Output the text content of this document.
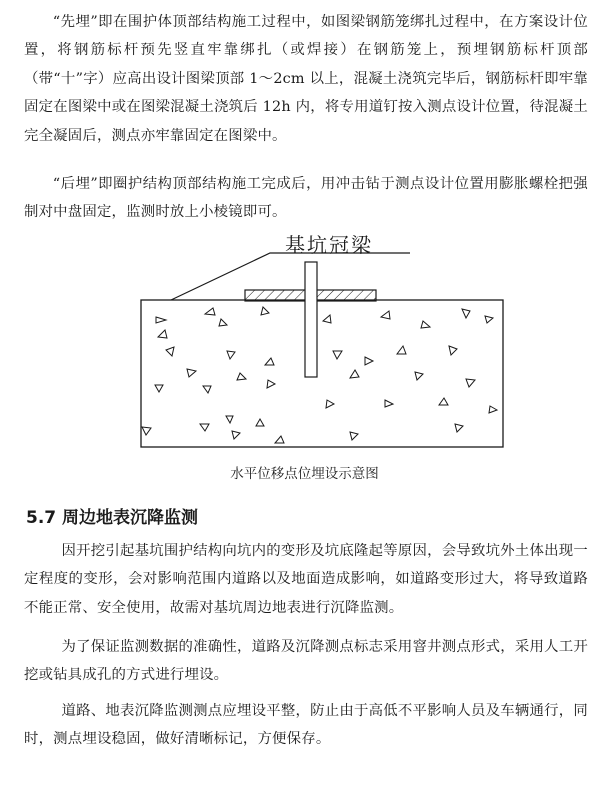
“先埋”即在围护体顶部结构施工过程中，如图梁钢筋笼绑扎过程中，在方案设计位置，将钢筋标杆预先竖直牢靠绑扎（或焊接）在钢筋笼上，预埋钢筋标杆顶部（带“十”字）应高出设计图梁顶部 1～2cm 以上，混凝土浇筑完毕后，钢筋标杆即牢靠固定在图梁中或在图梁混凝土浇筑后 12h 内，将专用道钉按入测点设计位置，待混凝土完全凝固后，测点亦牢靠固定在图梁中。

“后埋”即圈护结构顶部结构施工完成后，用冲击钻于测点设计位置用膨胀螺栓把强制对中盘固定，监测时放上小棱镜即可。

基坑冠梁
水平位移点位埋设示意图
5.7 周边地表沉降监测

因开挖引起基坑围护结构向坑内的变形及坑底隆起等原因，会导致坑外土体出现一定程度的变形，会对影响范围内道路以及地面造成影响，如道路变形过大，将导致道路不能正常、安全使用，故需对基坑周边地表进行沉降监测。

为了保证监测数据的准确性，道路及沉降测点标志采用窨井测点形式，采用人工开挖或钻具成孔的方式进行埋设。

道路、地表沉降监测测点应埋设平整，防止由于高低不平影响人员及车辆通行，同时，测点埋设稳固，做好清晰标记，方便保存。
